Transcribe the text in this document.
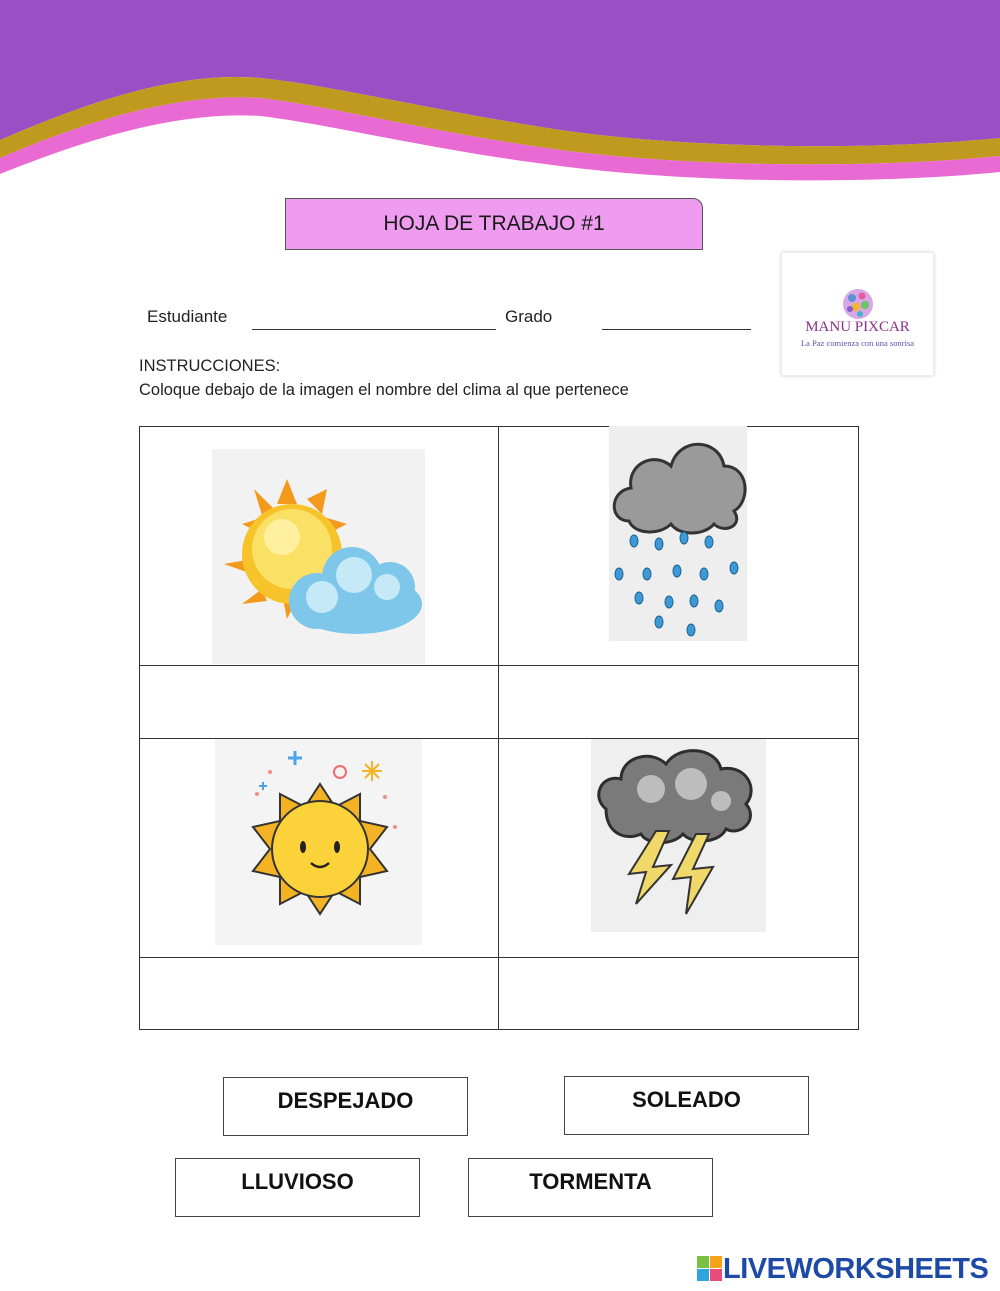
HOJA DE TRABAJO #1
Estudiante	Grado
MANU PIXCAR
La Paz comienza con una sonrisa
INSTRUCCIONES:
Coloque debajo de la imagen el nombre del clima al que pertenece
DESPEJADO	SOLEADO
LLUVIOSO	TORMENTA
LIVEWORKSHEETS
